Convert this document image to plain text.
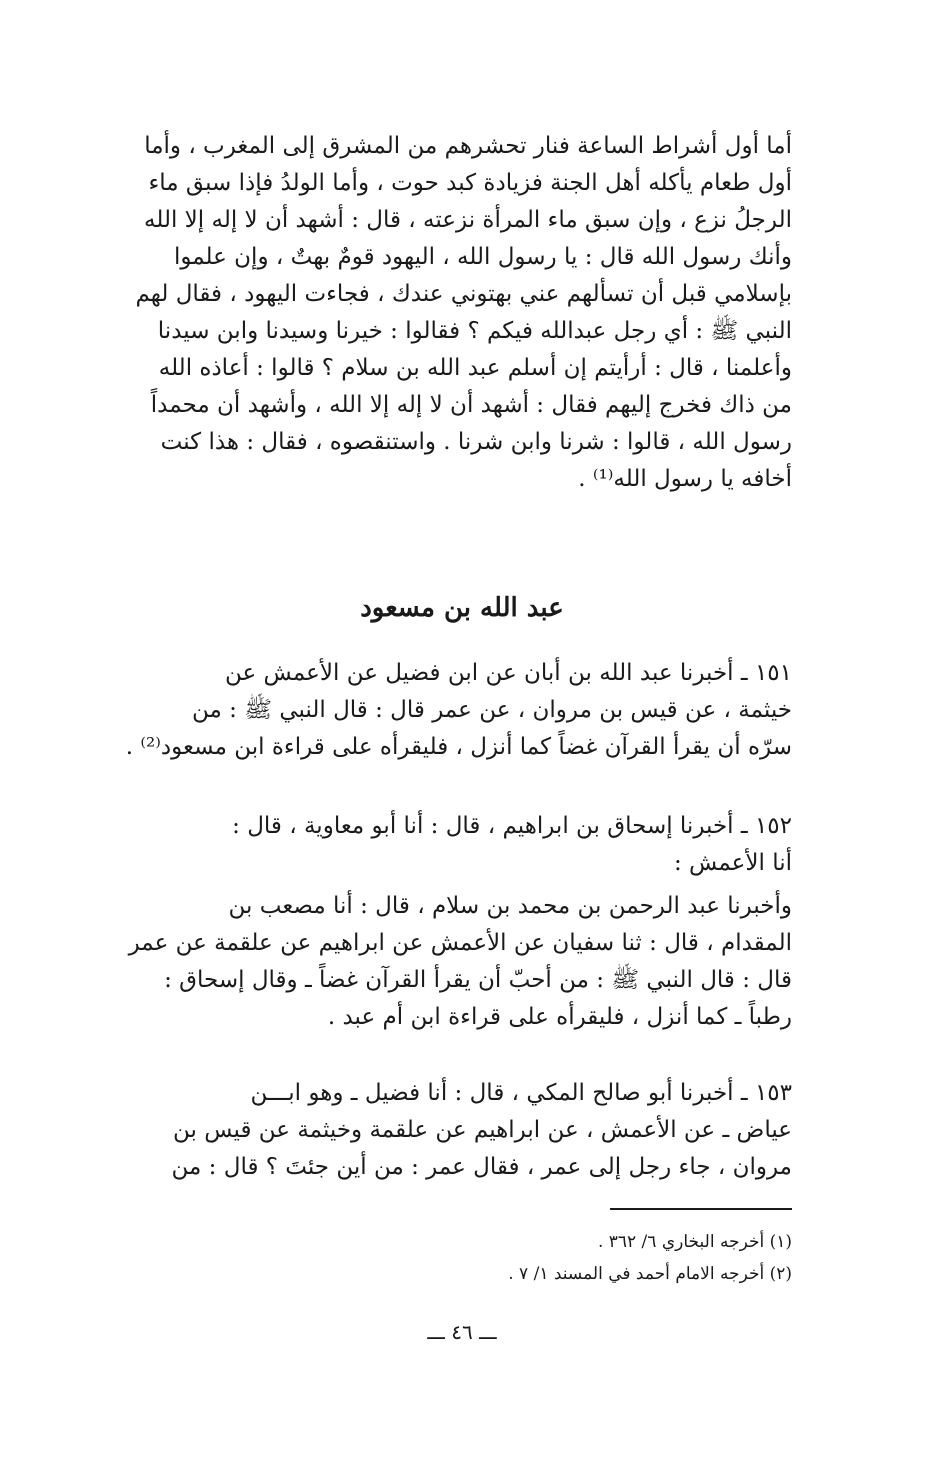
أما أول أشراط الساعة فنار تحشرهم من المشرق إلى المغرب ، وأما
أول طعام يأكله أهل الجنة فزيادة كبد حوت ، وأما الولدُ فإذا سبق ماء
الرجلُ نزع ، وإن سبق ماء المرأة نزعته ، قال : أشهد أن لا إله إلا الله
وأنك رسول الله قال : يا رسول الله ، اليهود قومٌ بهتٌ ، وإن علموا
بإسلامي قبل أن تسألهم عني بهتوني عندك ، فجاءت اليهود ، فقال لهم
النبي ﷺ : أي رجل عبدالله فيكم ؟ فقالوا : خيرنا وسيدنا وابن سيدنا
وأعلمنا ، قال : أرأيتم إن أسلم عبد الله بن سلام ؟ قالوا : أعاذه الله
من ذاك فخرج إليهم فقال : أشهد أن لا إله إلا الله ، وأشهد أن محمداً
رسول الله ، قالوا : شرنا وابن شرنا . واستنقصوه ، فقال : هذا كنت
أخافه يا رسول الله⁽¹⁾ .
عبد الله بن مسعود
١٥١ ـ أخبرنا عبد الله بن أبان عن ابن فضيل عن الأعمش عن
خيثمة ، عن قيس بن مروان ، عن عمر قال : قال النبي ﷺ : من
سرّه أن يقرأ القرآن غضاً كما أنزل ، فليقرأه على قراءة ابن مسعود⁽²⁾ .
١٥٢ ـ أخبرنا إسحاق بن ابراهيم ، قال : أنا أبو معاوية ، قال :
أنا الأعمش :
وأخبرنا عبد الرحمن بن محمد بن سلام ، قال : أنا مصعب بن
المقدام ، قال : ثنا سفيان عن الأعمش عن ابراهيم عن علقمة عن عمر
قال : قال النبي ﷺ : من أحبّ أن يقرأ القرآن غضاً ـ وقال إسحاق :
رطباً ـ كما أنزل ، فليقرأه على قراءة ابن أم عبد .
١٥٣ ـ أخبرنا أبو صالح المكي ، قال : أنا فضيل ـ وهو ابـــن
عياض ـ عن الأعمش ، عن ابراهيم عن علقمة وخيثمة عن قيس بن
مروان ، جاء رجل إلى عمر ، فقال عمر : من أين جئتَ ؟ قال : من
(١) أخرجه البخاري ٦/ ٣٦٢ .
(٢) أخرجه الامام أحمد في المسند ١/ ٧ .
ـــ ٤٦ ـــ
